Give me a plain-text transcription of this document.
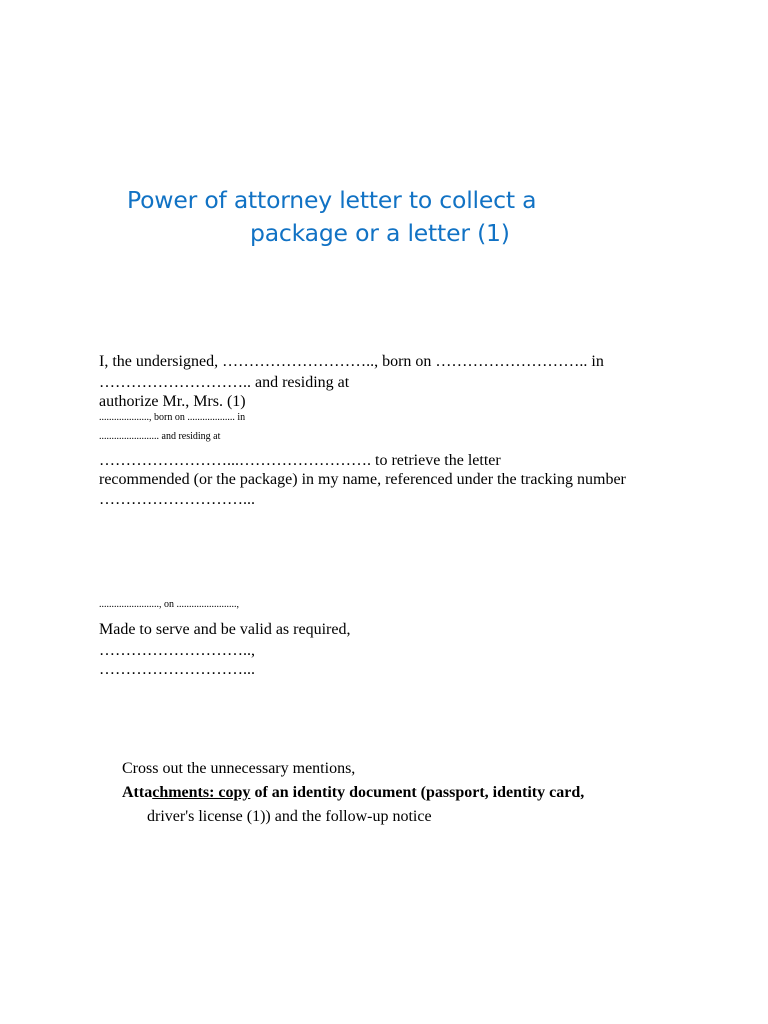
Power of attorney letter to collect a
package or a letter (1)
I, the undersigned, ……………………….., born on ……………………….. in
……………………….. and residing at
authorize Mr., Mrs. (1)
...................., born on ................... in
........................ and residing at
……………………...……………………. to retrieve the letter
recommended (or the package) in my name, referenced under the tracking number
………………………...
........................, on ........................,
Made to serve and be valid as required,
………………………..,
………………………...
Cross out the unnecessary mentions,
Attachments: copy of an identity document (passport, identity card,
driver's license (1)) and the follow-up notice
